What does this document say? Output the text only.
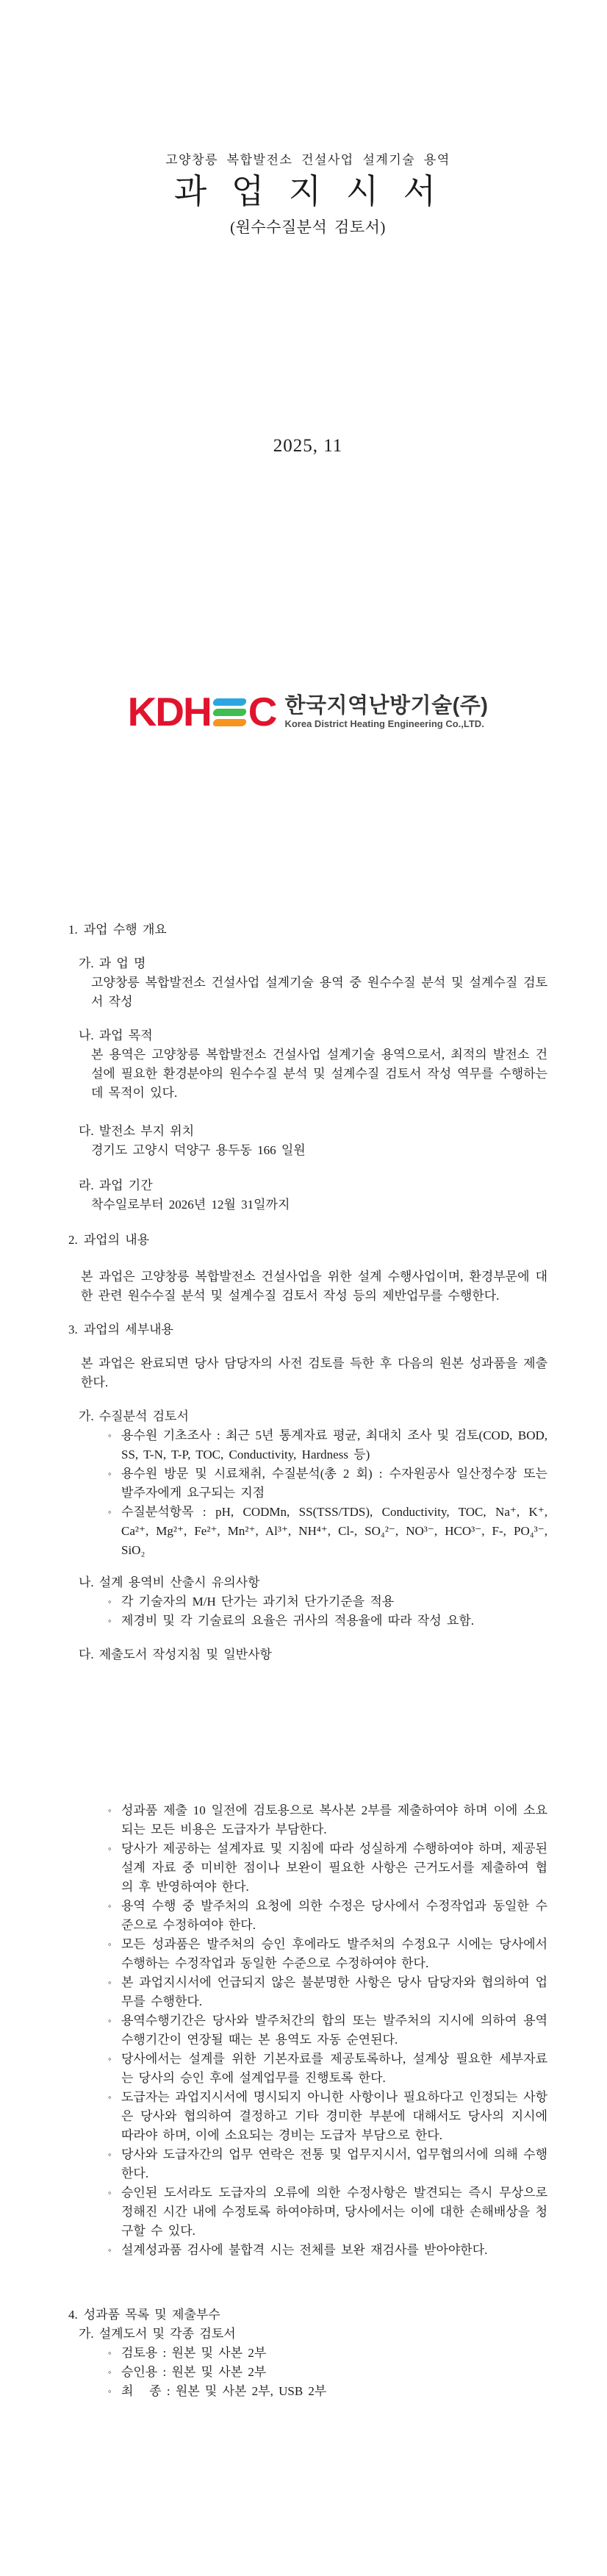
고양창릉 복합발전소 건설사업 설계기술 용역
과 업 지 시 서
(원수수질분석 검토서)
2025, 11
KDH C 한국지역난방기술(주)
Korea District Heating Engineering Co.,LTD.
1. 과업 수행 개요
가. 과 업 명
고양창릉 복합발전소 건설사업 설계기술 용역 중 원수수질 분석 및 설계수질 검토서 작성
나. 과업 목적
본 용역은 고양창릉 복합발전소 건설사업 설계기술 용역으로서, 최적의 발전소 건설에 필요한 환경분야의 원수수질 분석 및 설계수질 검토서 작성 역무를 수행하는데 목적이 있다.
다. 발전소 부지 위치
경기도 고양시 덕양구 용두동 166 일원
라. 과업 기간
착수일로부터 2026년 12월 31일까지
2. 과업의 내용
본 과업은 고양창릉 복합발전소 건설사업을 위한 설계 수행사업이며, 환경부문에 대한 관련 원수수질 분석 및 설계수질 검토서 작성 등의 제반업무를 수행한다.
3. 과업의 세부내용
본 과업은 완료되면 당사 담당자의 사전 검토를 득한 후 다음의 원본 성과품을 제출한다.
가. 수질분석 검토서
◦ 용수원 기초조사 : 최근 5년 통계자료 평균, 최대치 조사 및 검토(COD, BOD, SS, T-N, T-P, TOC, Conductivity, Hardness 등)
◦ 용수원 방문 및 시료채취, 수질분석(총 2 회) : 수자원공사 일산정수장 또는 발주자에게 요구되는 지점
◦ 수질분석항목 : pH, CODMn, SS(TSS/TDS), Conductivity, TOC, Na⁺, K⁺, Ca²⁺, Mg²⁺, Fe²⁺, Mn²⁺, Al³⁺, NH⁴⁺, Cl-, SO₄²⁻, NO³⁻, HCO³⁻, F-, PO₄³⁻, SiO₂
나. 설계 용역비 산출시 유의사항
◦ 각 기술자의 M/H 단가는 과기처 단가기준을 적용
◦ 제경비 및 각 기술료의 요율은 귀사의 적용율에 따라 작성 요함.
다. 제출도서 작성지침 및 일반사항
◦ 성과품 제출 10 일전에 검토용으로 복사본 2부를 제출하여야 하며 이에 소요되는 모든 비용은 도급자가 부담한다.
◦ 당사가 제공하는 설계자료 및 지침에 따라 성실하게 수행하여야 하며, 제공된 설계 자료 중 미비한 점이나 보완이 필요한 사항은 근거도서를 제출하여 협의 후 반영하여야 한다.
◦ 용역 수행 중 발주처의 요청에 의한 수정은 당사에서 수정작업과 동일한 수준으로 수정하여야 한다.
◦ 모든 성과품은 발주처의 승인 후에라도 발주처의 수정요구 시에는 당사에서 수행하는 수정작업과 동일한 수준으로 수정하여야 한다.
◦ 본 과업지시서에 언급되지 않은 불분명한 사항은 당사 담당자와 협의하여 업무를 수행한다.
◦ 용역수행기간은 당사와 발주처간의 합의 또는 발주처의 지시에 의하여 용역수행기간이 연장될 때는 본 용역도 자동 순연된다.
◦ 당사에서는 설계를 위한 기본자료를 제공토록하나, 설계상 필요한 세부자료는 당사의 승인 후에 설계업무를 진행토록 한다.
◦ 도급자는 과업지시서에 명시되지 아니한 사항이나 필요하다고 인정되는 사항은 당사와 협의하여 결정하고 기타 경미한 부분에 대해서도 당사의 지시에 따라야 하며, 이에 소요되는 경비는 도급자 부담으로 한다.
◦ 당사와 도급자간의 업무 연락은 전통 및 업무지시서, 업무협의서에 의해 수행한다.
◦ 승인된 도서라도 도급자의 오류에 의한 수정사항은 발견되는 즉시 무상으로 정해진 시간 내에 수정토록 하여야하며, 당사에서는 이에 대한 손해배상을 청구할 수 있다.
◦ 설계성과품 검사에 불합격 시는 전체를 보완 재검사를 받아야한다.
4. 성과품 목록 및 제출부수
가. 설계도서 및 각종 검토서
◦ 검토용 : 원본 및 사본 2부
◦ 승인용 : 원본 및 사본 2부
◦ 최   종 : 원본 및 사본 2부, USB 2부
